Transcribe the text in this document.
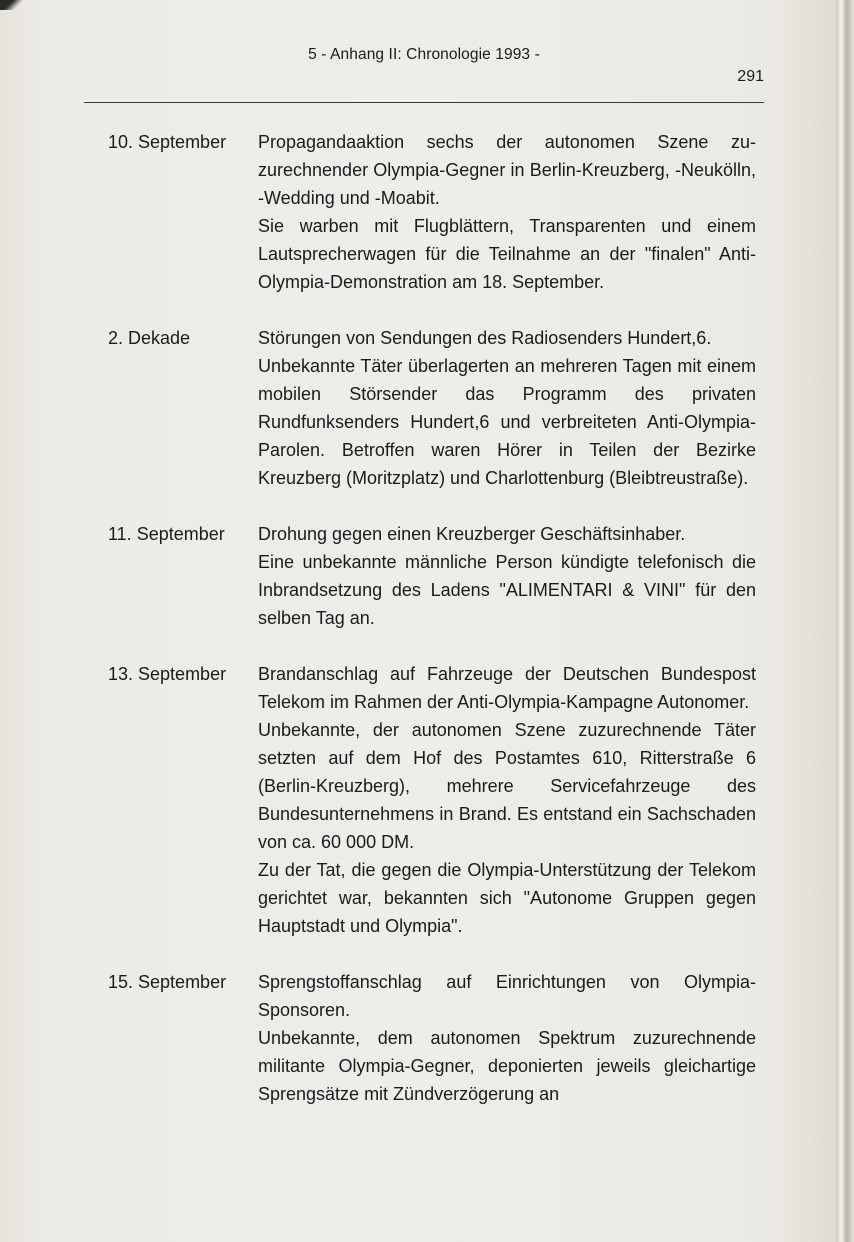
5 - Anhang II: Chronologie 1993 -
291
10. September	Propagandaaktion sechs der autonomen Szene zuzurechnender Olympia-Gegner in Berlin-Kreuzberg, -Neukölln, -Wedding und -Moabit.

Sie warben mit Flugblättern, Transparenten und einem Lautsprecherwagen für die Teilnahme an der "finalen" Anti-Olympia-Demonstration am 18. September.

2. Dekade	Störungen von Sendungen des Radiosenders Hundert,6.

Unbekannte Täter überlagerten an mehreren Tagen mit einem mobilen Störsender das Programm des privaten Rundfunksenders Hundert,6 und verbreiteten Anti-Olympia-Parolen. Betroffen waren Hörer in Teilen der Bezirke Kreuzberg (Moritzplatz) und Charlottenburg (Bleibtreustraße).

11. September	Drohung gegen einen Kreuzberger Geschäftsinhaber.

Eine unbekannte männliche Person kündigte telefonisch die Inbrandsetzung des Ladens "ALIMENTARI & VINI" für den selben Tag an.

13. September	Brandanschlag auf Fahrzeuge der Deutschen Bundespost Telekom im Rahmen der Anti-Olympia-Kampagne Autonomer.

Unbekannte, der autonomen Szene zuzurechnende Täter setzten auf dem Hof des Postamtes 610, Ritterstraße 6 (Berlin-Kreuzberg), mehrere Servicefahrzeuge des Bundesunternehmens in Brand. Es entstand ein Sachschaden von ca. 60 000 DM.

Zu der Tat, die gegen die Olympia-Unterstützung der Telekom gerichtet war, bekannten sich "Autonome Gruppen gegen Hauptstadt und Olympia".

15. September	Sprengstoffanschlag auf Einrichtungen von Olympia-Sponsoren.

Unbekannte, dem autonomen Spektrum zuzurechnende militante Olympia-Gegner, deponierten jeweils gleichartige Sprengsätze mit Zündverzögerung an
